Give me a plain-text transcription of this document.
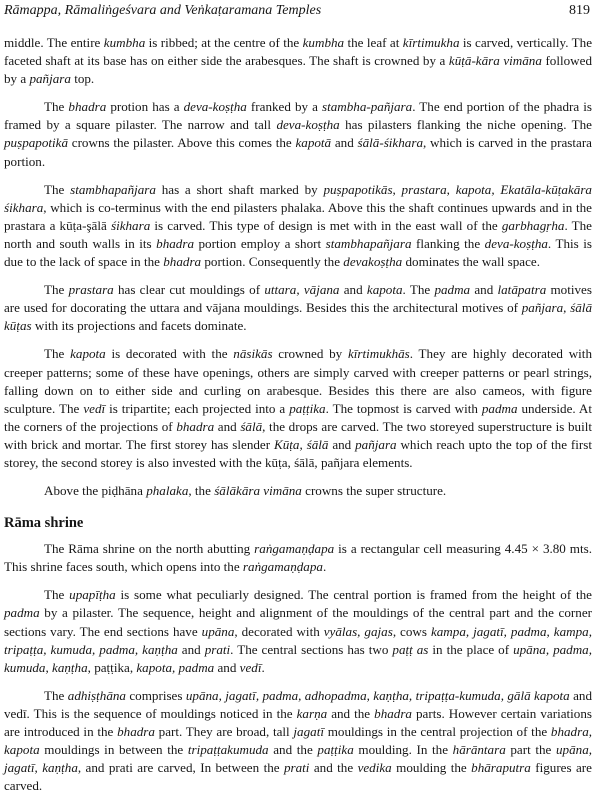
Rāmappa, Rāmaliṅgeśvara and Veṅkaṭaramana Temples	819

middle. The entire kumbha is ribbed; at the centre of the kumbha the leaf at kīrtimukha is carved, vertically. The faceted shaft at its base has on either side the arabesques. The shaft is crowned by a kūṭā-kāra vimāna followed by a pañjara top.

The bhadra protion has a deva-koṣṭha franked by a stambha-pañjara. The end portion of the phadra is framed by a square pilaster. The narrow and tall deva-koṣṭha has pilasters flanking the niche opening. The puṣpapotikā crowns the pilaster. Above this comes the kapotā and śālā-śikhara, which is carved in the prastara portion.

The stambhapañjara has a short shaft marked by puṣpapotikās, prastara, kapota, Ekatāla-kūṭakāra śikhara, which is co-terminus with the end pilasters phalaka. Above this the shaft continues upwards and in the prastara a kūṭa-şālā śikhara is carved. This type of design is met with in the east wall of the garbhagṛha. The north and south walls in its bhadra portion employ a short stambhapañjara flanking the deva-koṣṭha. This is due to the lack of space in the bhadra portion. Consequently the devakoṣṭha dominates the wall space.

The prastara has clear cut mouldings of uttara, vājana and kapota. The padma and latāpatra motives are used for docorating the uttara and vājana mouldings. Besides this the architectural motives of pañjara, śālā kūṭas with its projections and facets dominate.

The kapota is decorated with the nāsikās crowned by kīrtimukhās. They are highly decorated with creeper patterns; some of these have openings, others are simply carved with creeper patterns or pearl strings, falling down on to either side and curling on arabesque. Besides this there are also cameos, with figure sculpture. The vedī is tripartite; each projected into a paṭṭika. The topmost is carved with padma underside. At the corners of the projections of bhadra and śālā, the drops are carved. The two storeyed superstructure is built with brick and mortar. The first storey has slender Kūṭa, śālā and pañjara which reach upto the top of the first storey, the second storey is also invested with the kūṭa, śālā, pañjara elements.

Above the piḍhāna phalaka, the śālākāra vimāna crowns the super structure.

Rāma shrine

The Rāma shrine on the north abutting raṅgamaṇḍapa is a rectangular cell measuring 4.45 × 3.80 mts. This shrine faces south, which opens into the raṅgamaṇḍapa.

The upapīṭha is some what peculiarly designed. The central portion is framed from the height of the padma by a pilaster. The sequence, height and alignment of the mouldings of the central part and the corner sections vary. The end sections have upāna, decorated with vyālas, gajas, cows kampa, jagatī, padma, kampa, tripaṭṭa, kumuda, padma, kaṇṭha and prati. The central sections has two paṭṭ as in the place of upāna, padma, kumuda, kaṇṭha, paṭṭika, kapota, padma and vedī.

The adhiṣṭhāna comprises upāna, jagatī, padma, adhopadma, kaṇṭha, tripaṭṭa-kumuda, gālā kapota and vedī. This is the sequence of mouldings noticed in the karṇa and the bhadra parts. However certain variations are introduced in the bhadra part. They are broad, tall jagatī mouldings in the central projection of the bhadra, kapota mouldings in between the tripaṭṭakumuda and the paṭṭika moulding. In the hārāntara part the upāna, jagatī, kaṇṭha, and prati are carved, In between the prati and the vedika moulding the bhāraputra figures are carved.
